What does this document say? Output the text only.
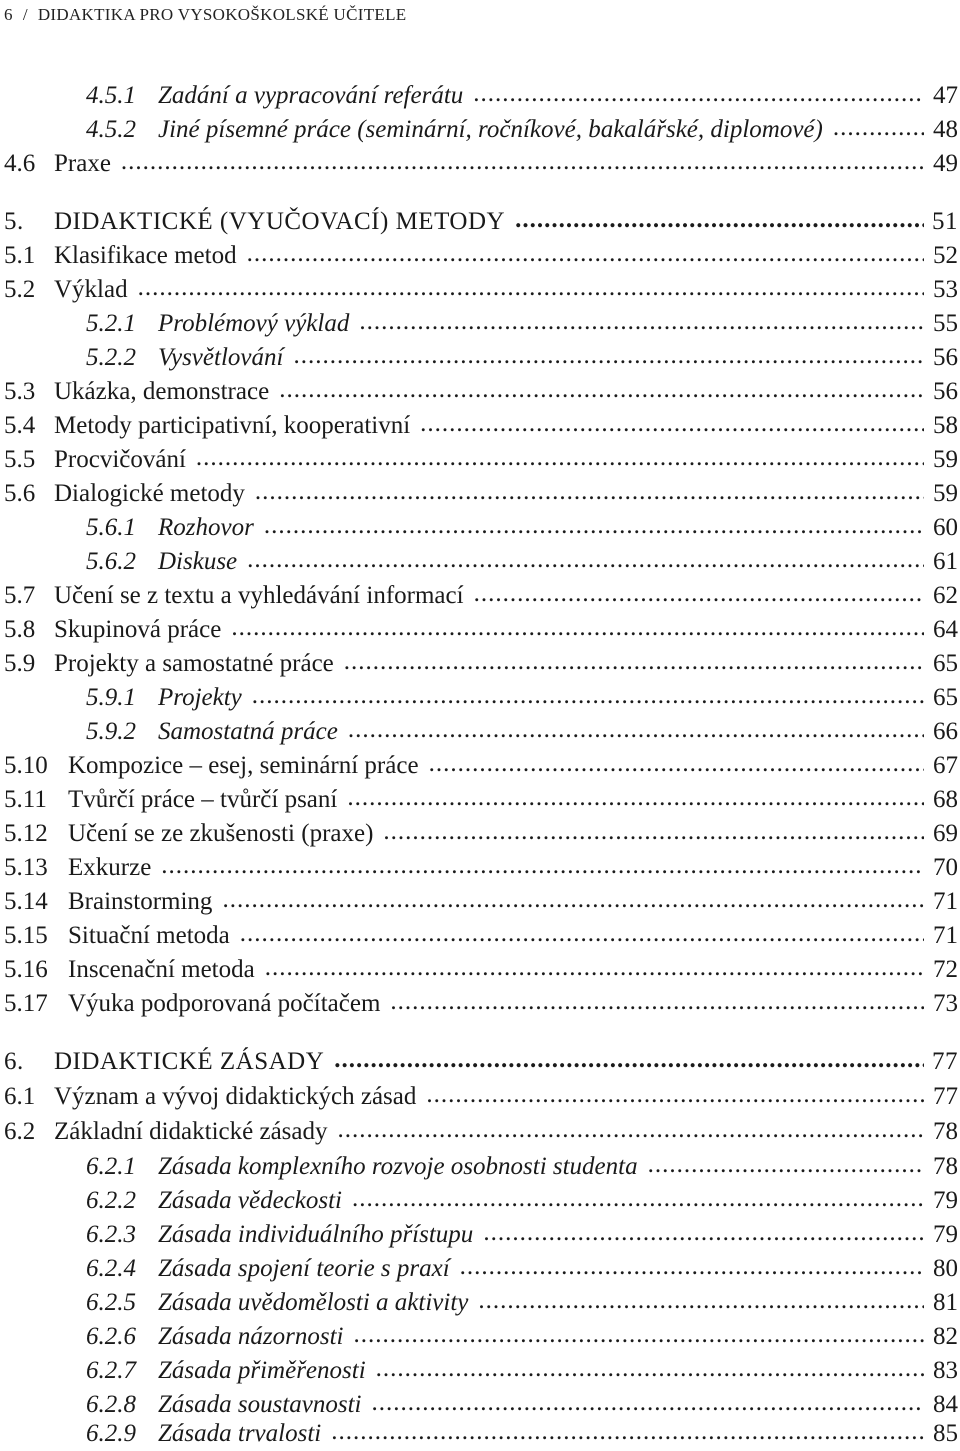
6 / DIDAKTIKA PRO VYSOKOŠKOLSKÉ UČITELE
4.5.1 Zadání a vypracování referátu .....	47
4.5.2 Jiné písemné práce (seminární, ročníkové, bakalářské, diplomové) .....	48
4.6 Praxe .....	49
5.	DIDAKTICKÉ (VYUČOVACÍ) METODY .....	51
5.1 Klasifikace metod .....	52
5.2 Výklad .....	53
5.2.1 Problémový výklad .....	55
5.2.2 Vysvětlování .....	56
5.3 Ukázka, demonstrace .....	56
5.4 Metody participativní, kooperativní .....	58
5.5 Procvičování .....	59
5.6 Dialogické metody .....	59
5.6.1 Rozhovor .....	60
5.6.2 Diskuse .....	61
5.7 Učení se z textu a vyhledávání informací .....	62
5.8 Skupinová práce .....	64
5.9 Projekty a samostatné práce .....	65
5.9.1 Projekty .....	65
5.9.2 Samostatná práce .....	66
5.10 Kompozice – esej, seminární práce .....	67
5.11 Tvůrčí práce – tvůrčí psaní .....	68
5.12 Učení se ze zkušenosti (praxe) .....	69
5.13 Exkurze .....	70
5.14 Brainstorming .....	71
5.15 Situační metoda .....	71
5.16 Inscenační metoda .....	72
5.17 Výuka podporovaná počítačem .....	73
6.	DIDAKTICKÉ ZÁSADY .....	77
6.1 Význam a vývoj didaktických zásad .....	77
6.2 Základní didaktické zásady .....	78
6.2.1 Zásada komplexního rozvoje osobnosti studenta .....	78
6.2.2 Zásada vědeckosti .....	79
6.2.3 Zásada individuálního přístupu .....	79
6.2.4 Zásada spojení teorie s praxí .....	80
6.2.5 Zásada uvědomělosti a aktivity .....	81
6.2.6 Zásada názornosti .....	82
6.2.7 Zásada přiměřenosti .....	83
6.2.8 Zásada soustavnosti .....	84
6.2.9 Zásada trvalosti .....	85
